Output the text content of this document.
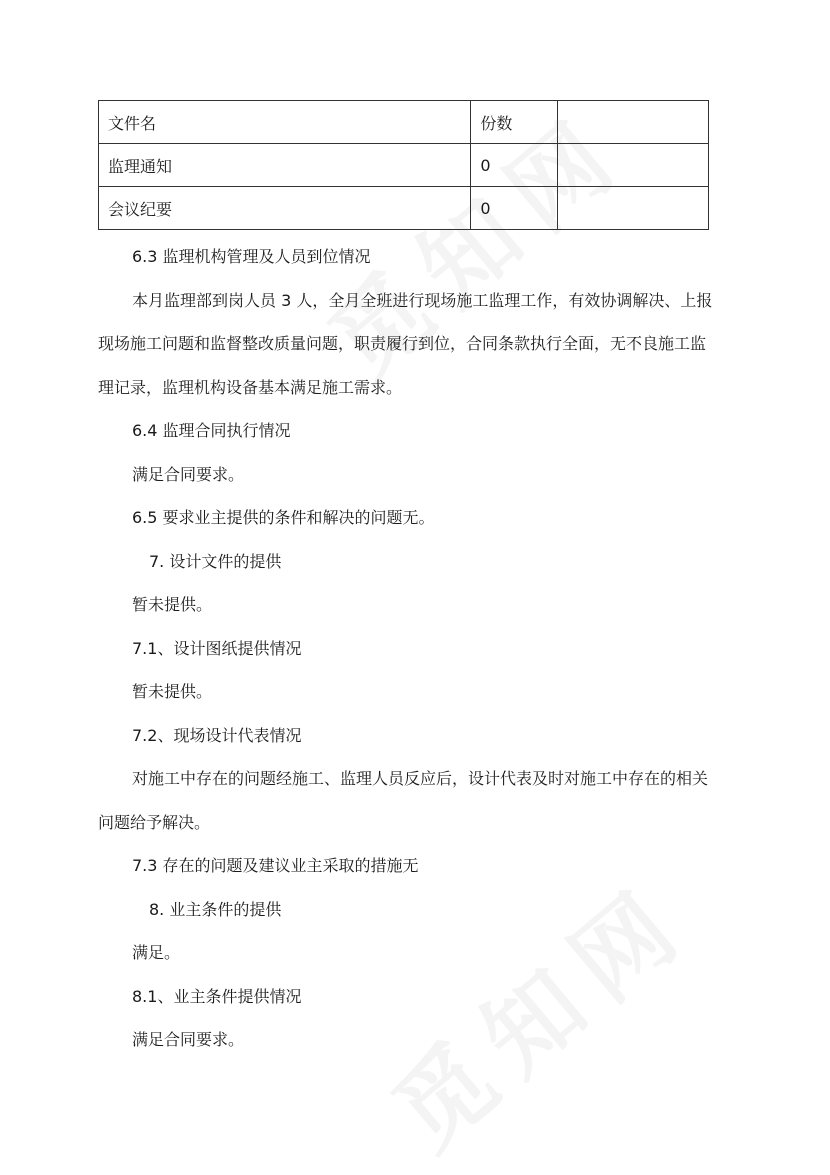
文件名	份数	
监理通知	0	
会议纪要	0	
6.3 监理机构管理及人员到位情况
本月监理部到岗人员 3 人，全月全班进行现场施工监理工作，有效协调解决、上报
现场施工问题和监督整改质量问题，职责履行到位，合同条款执行全面，无不良施工监
理记录，监理机构设备基本满足施工需求。
6.4 监理合同执行情况
满足合同要求。
6.5 要求业主提供的条件和解决的问题无。
7. 设计文件的提供
暂未提供。
7.1、设计图纸提供情况
暂未提供。
7.2、现场设计代表情况
对施工中存在的问题经施工、监理人员反应后，设计代表及时对施工中存在的相关
问题给予解决。
7.3 存在的问题及建议业主采取的措施无
8. 业主条件的提供
满足。
8.1、业主条件提供情况
满足合同要求。
